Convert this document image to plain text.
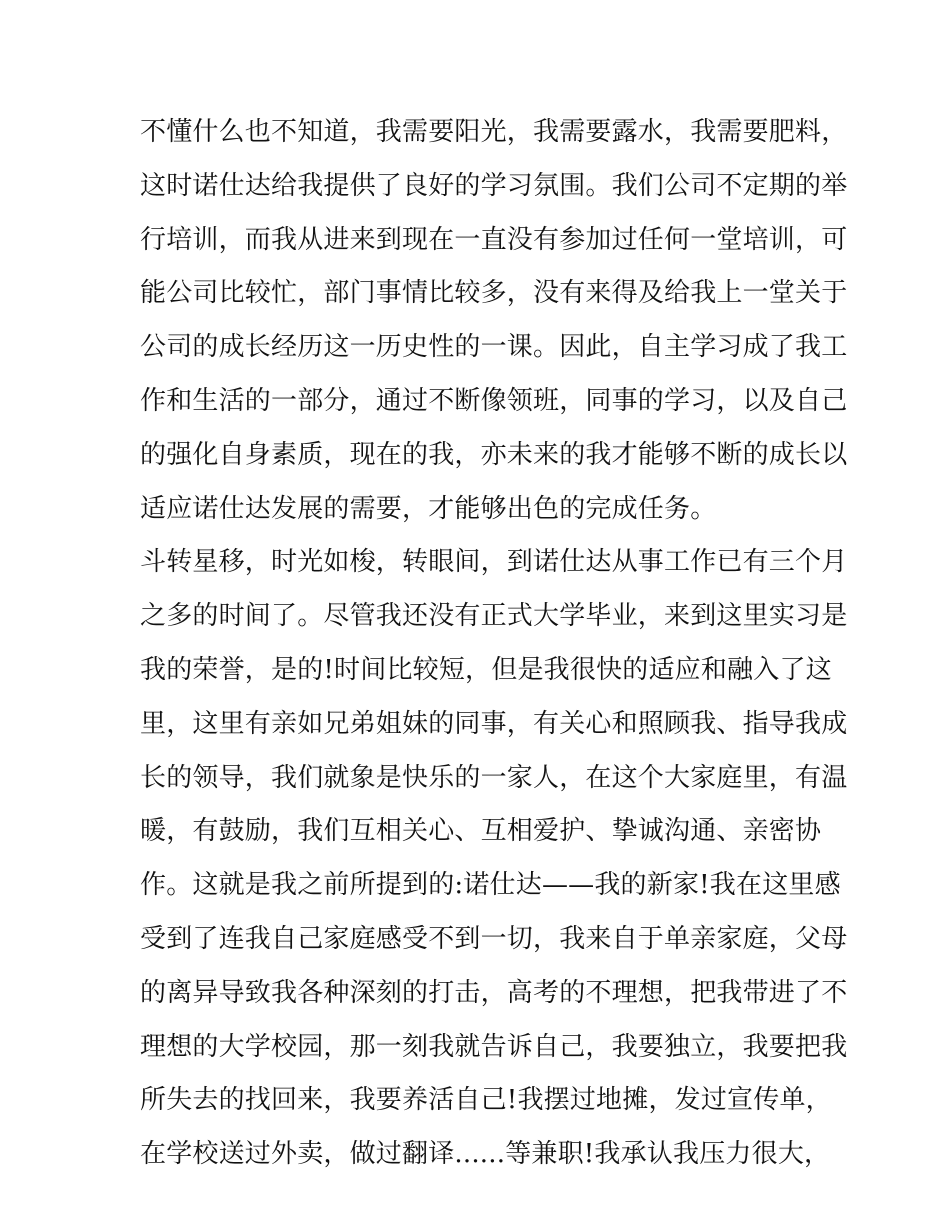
不懂什么也不知道，我需要阳光，我需要露水，我需要肥料，
这时诺仕达给我提供了良好的学习氛围。我们公司不定期的举
行培训，而我从进来到现在一直没有参加过任何一堂培训，可
能公司比较忙，部门事情比较多，没有来得及给我上一堂关于
公司的成长经历这一历史性的一课。因此，自主学习成了我工
作和生活的一部分，通过不断像领班，同事的学习，以及自己
的强化自身素质，现在的我，亦未来的我才能够不断的成长以
适应诺仕达发展的需要，才能够出色的完成任务。
斗转星移，时光如梭，转眼间，到诺仕达从事工作已有三个月
之多的时间了。尽管我还没有正式大学毕业，来到这里实习是
我的荣誉，是的!时间比较短，但是我很快的适应和融入了这
里，这里有亲如兄弟姐妹的同事，有关心和照顾我、指导我成
长的领导，我们就象是快乐的一家人，在这个大家庭里，有温
暖，有鼓励，我们互相关心、互相爱护、挚诚沟通、亲密协
作。这就是我之前所提到的:诺仕达——我的新家!我在这里感
受到了连我自己家庭感受不到一切，我来自于单亲家庭，父母
的离异导致我各种深刻的打击，高考的不理想，把我带进了不
理想的大学校园，那一刻我就告诉自己，我要独立，我要把我
所失去的找回来，我要养活自己!我摆过地摊，发过宣传单，
在学校送过外卖，做过翻译......等兼职!我承认我压力很大，
